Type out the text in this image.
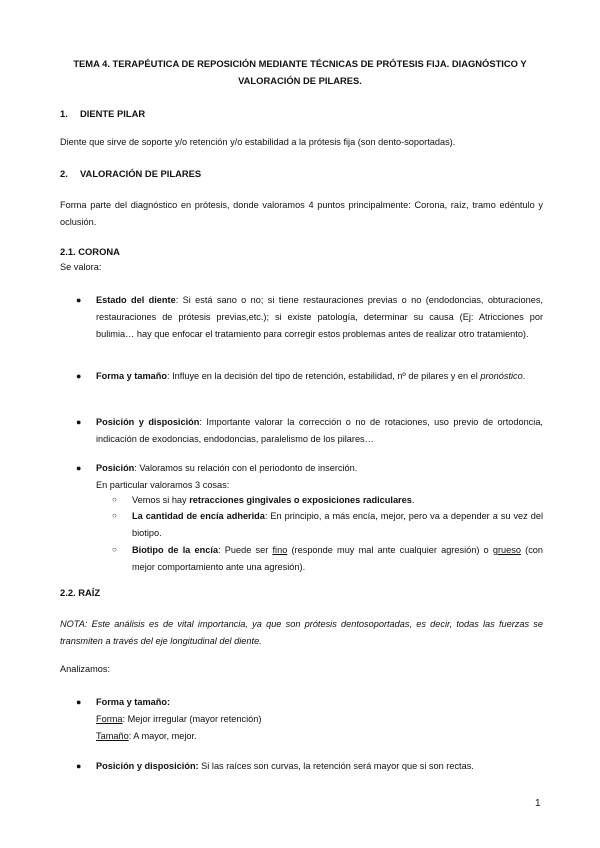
TEMA 4. TERAPÉUTICA DE REPOSICIÓN MEDIANTE TÉCNICAS DE PRÓTESIS FIJA. DIAGNÓSTICO Y
VALORACIÓN DE PILARES.
1. DIENTE PILAR
Diente que sirve de soporte y/o retención y/o estabilidad a la prótesis fija (son dento-soportadas).
2. VALORACIÓN DE PILARES
Forma parte del diagnóstico en prótesis, donde valoramos 4 puntos principalmente: Corona, raíz, tramo edéntulo y oclusión.
2.1. CORONA
Se valora:
● Estado del diente: Si está sano o no; si tiene restauraciones previas o no (endodoncias, obturaciones, restauraciones de prótesis previas,etc.); si existe patología, determinar su causa (Ej: Atricciones por bulimia… hay que enfocar el tratamiento para corregir estos problemas antes de realizar otro tratamiento).
● Forma y tamaño: Influye en la decisión del tipo de retención, estabilidad, nº de pilares y en el pronóstico.
● Posición y disposición: Importante valorar la corrección o no de rotaciones, uso previo de ortodoncia, indicación de exodoncias, endodoncias, paralelismo de los pilares…
● Posición: Valoramos su relación con el periodonto de inserción.
En particular valoramos 3 cosas:
○ Vemos si hay retracciones gingivales o exposiciones radiculares.
○ La cantidad de encía adherida: En principio, a más encía, mejor, pero va a depender a su vez del biotipo.
○ Biotipo de la encía: Puede ser fino (responde muy mal ante cualquier agresión) o grueso (con mejor comportamiento ante una agresión).
2.2. RAÍZ
NOTA: Este análisis es de vital importancia, ya que son prótesis dentosoportadas, es decir, todas las fuerzas se transmiten a través del eje longitudinal del diente.
Analizamos:
● Forma y tamaño:
Forma: Mejor irregular (mayor retención)
Tamaño: A mayor, mejor.
● Posición y disposición: Si las raíces son curvas, la retención será mayor que si son rectas.
1
